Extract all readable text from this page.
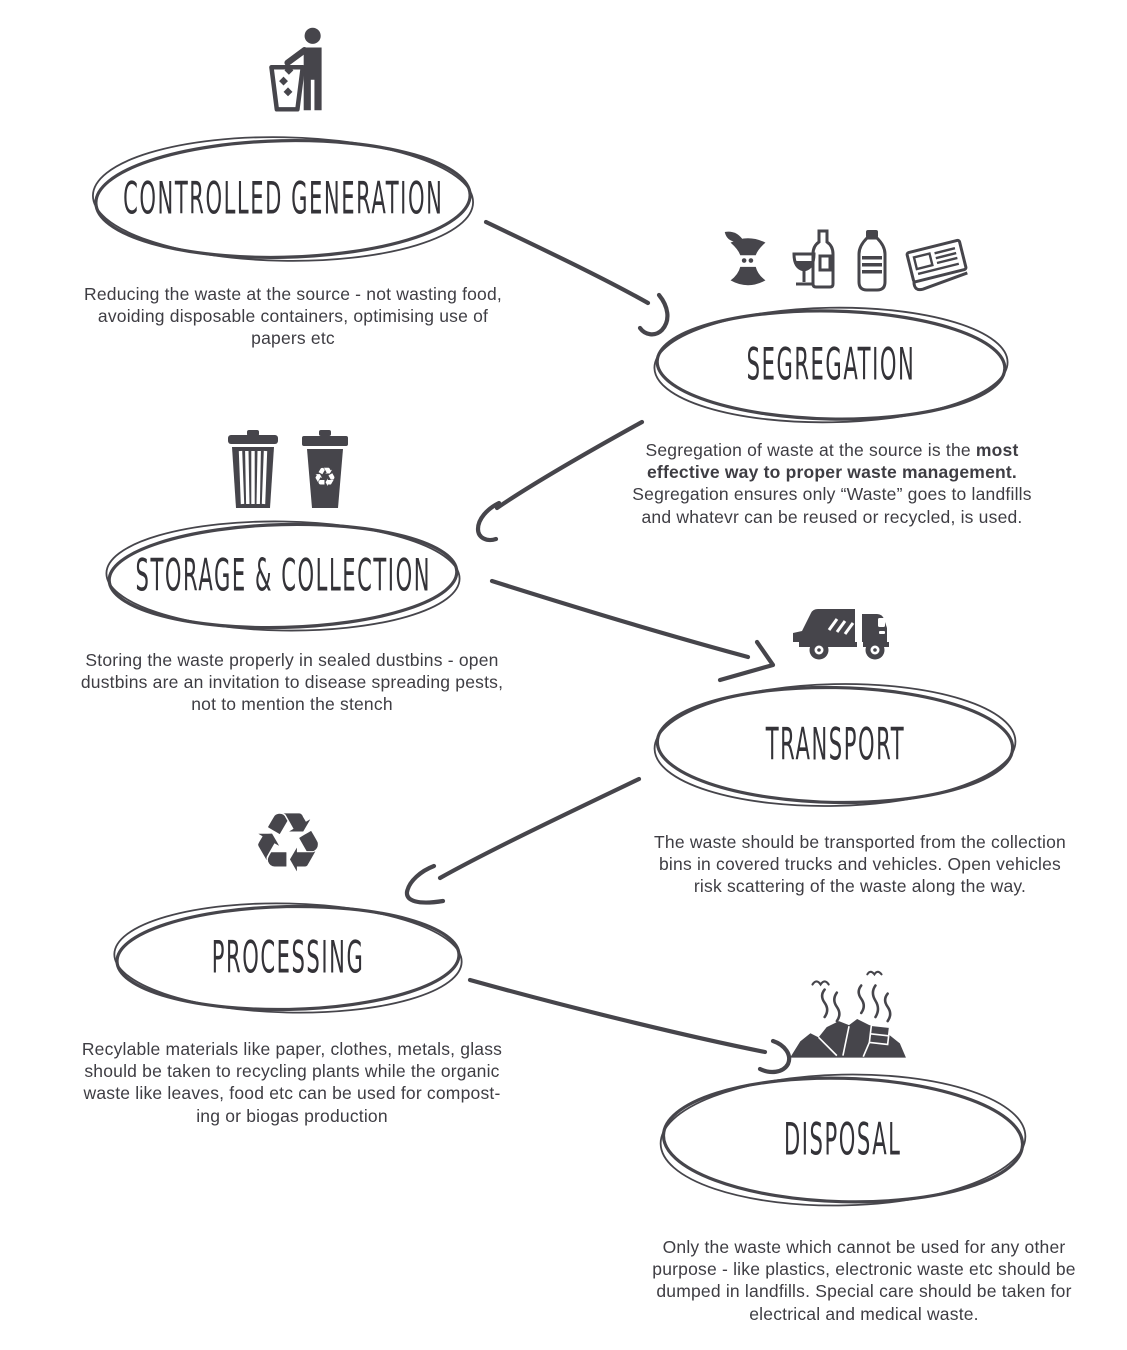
CONTROLLED GENERATION
Reducing the waste at the source - not wasting food,
avoiding disposable containers, optimising use of
papers etc
SEGREGATION
Segregation of waste at the source is the most
effective way to proper waste management.
Segregation ensures only “Waste” goes to landfills
and whatevr can be reused or recycled, is used.
♻
STORAGE & COLLECTION
Storing the waste properly in sealed dustbins - open
dustbins are an invitation to disease spreading pests,
not to mention the stench
TRANSPORT
The waste should be transported from the collection
bins in covered trucks and vehicles. Open vehicles
risk scattering of the waste along the way.
♻
PROCESSING
Recylable materials like paper, clothes, metals, glass
should be taken to recycling plants while the organic
waste like leaves, food etc can be used for compost-
ing or biogas production	DISPOSAL
Only the waste which cannot be used for any other
purpose - like plastics, electronic waste etc should be
dumped in landfills. Special care should be taken for
electrical and medical waste.
